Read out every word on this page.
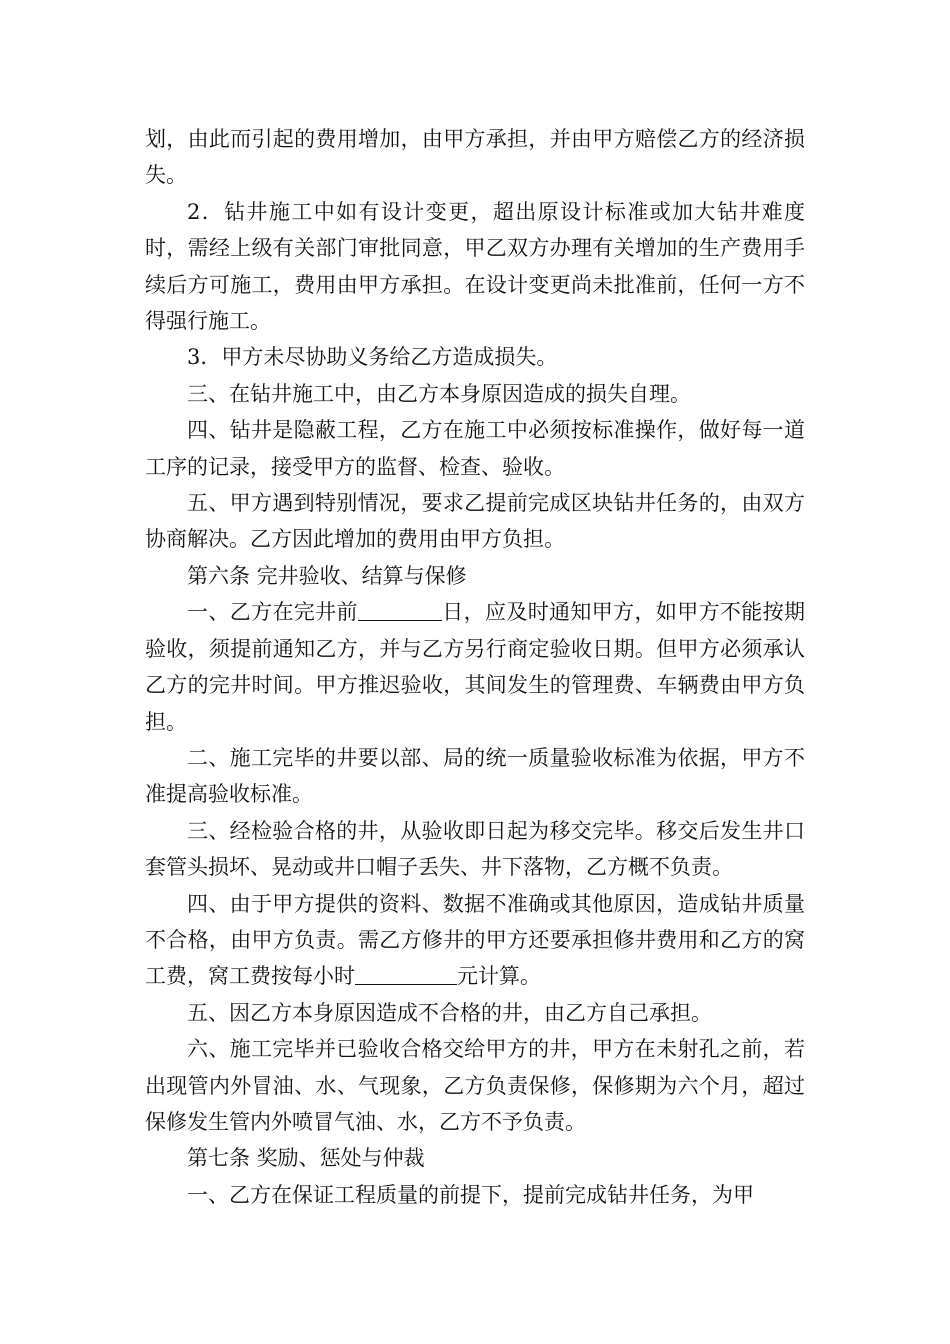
划，由此而引起的费用增加，由甲方承担，并由甲方赔偿乙方的经济损失。

2．钻井施工中如有设计变更，超出原设计标准或加大钻井难度时，需经上级有关部门审批同意，甲乙双方办理有关增加的生产费用手续后方可施工，费用由甲方承担。在设计变更尚未批准前，任何一方不得强行施工。

3．甲方未尽协助义务给乙方造成损失。

三、在钻井施工中，由乙方本身原因造成的损失自理。

四、钻井是隐蔽工程，乙方在施工中必须按标准操作，做好每一道工序的记录，接受甲方的监督、检查、验收。

五、甲方遇到特别情况，要求乙提前完成区块钻井任务的，由双方协商解决。乙方因此增加的费用由甲方负担。

第六条 完井验收、结算与保修

一、乙方在完井前	日，应及时通知甲方，如甲方不能按期验收，须提前通知乙方，并与乙方另行商定验收日期。但甲方必须承认乙方的完井时间。甲方推迟验收，其间发生的管理费、车辆费由甲方负担。

二、施工完毕的井要以部、局的统一质量验收标准为依据，甲方不准提高验收标准。

三、经检验合格的井，从验收即日起为移交完毕。移交后发生井口套管头损坏、晃动或井口帽子丢失、井下落物，乙方概不负责。

四、由于甲方提供的资料、数据不准确或其他原因，造成钻井质量不合格，由甲方负责。需乙方修井的甲方还要承担修井费用和乙方的窝工费，窝工费按每小时	元计算。

五、因乙方本身原因造成不合格的井，由乙方自己承担。

六、施工完毕并已验收合格交给甲方的井，甲方在未射孔之前，若出现管内外冒油、水、气现象，乙方负责保修，保修期为六个月，超过保修发生管内外喷冒气油、水，乙方不予负责。

第七条 奖励、惩处与仲裁

一、乙方在保证工程质量的前提下，提前完成钻井任务，为甲
